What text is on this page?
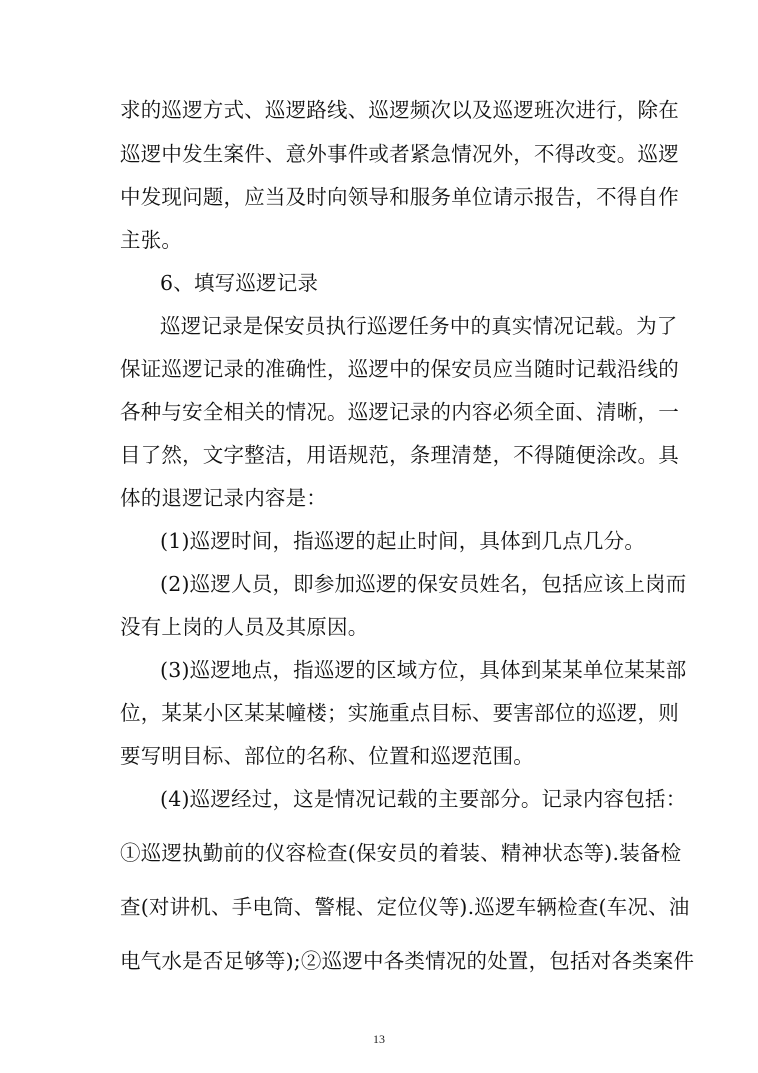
求的巡逻方式、巡逻路线、巡逻频次以及巡逻班次进行，除在
巡逻中发生案件、意外事件或者紧急情况外，不得改变。巡逻
中发现问题，应当及时向领导和服务单位请示报告，不得自作
主张。
6、填写巡逻记录
巡逻记录是保安员执行巡逻任务中的真实情况记载。为了
保证巡逻记录的准确性，巡逻中的保安员应当随时记载沿线的
各种与安全相关的情况。巡逻记录的内容必须全面、清晰，一
目了然，文字整洁，用语规范，条理清楚，不得随便涂改。具
体的退逻记录内容是：
(1)巡逻时间，指巡逻的起止时间，具体到几点几分。
(2)巡逻人员，即参加巡逻的保安员姓名，包括应该上岗而
没有上岗的人员及其原因。
(3)巡逻地点，指巡逻的区域方位，具体到某某单位某某部
位，某某小区某某幢楼；实施重点目标、要害部位的巡逻，则
要写明目标、部位的名称、位置和巡逻范围。
(4)巡逻经过，这是情况记载的主要部分。记录内容包括：
➀巡逻执勤前的仪容检查(保安员的着装、精神状态等).装备检
查(对讲机、手电筒、警棍、定位仪等).巡逻车辆检查(车况、油
电气水是否足够等);➁巡逻中各类情况的处置，包括对各类案件
13
